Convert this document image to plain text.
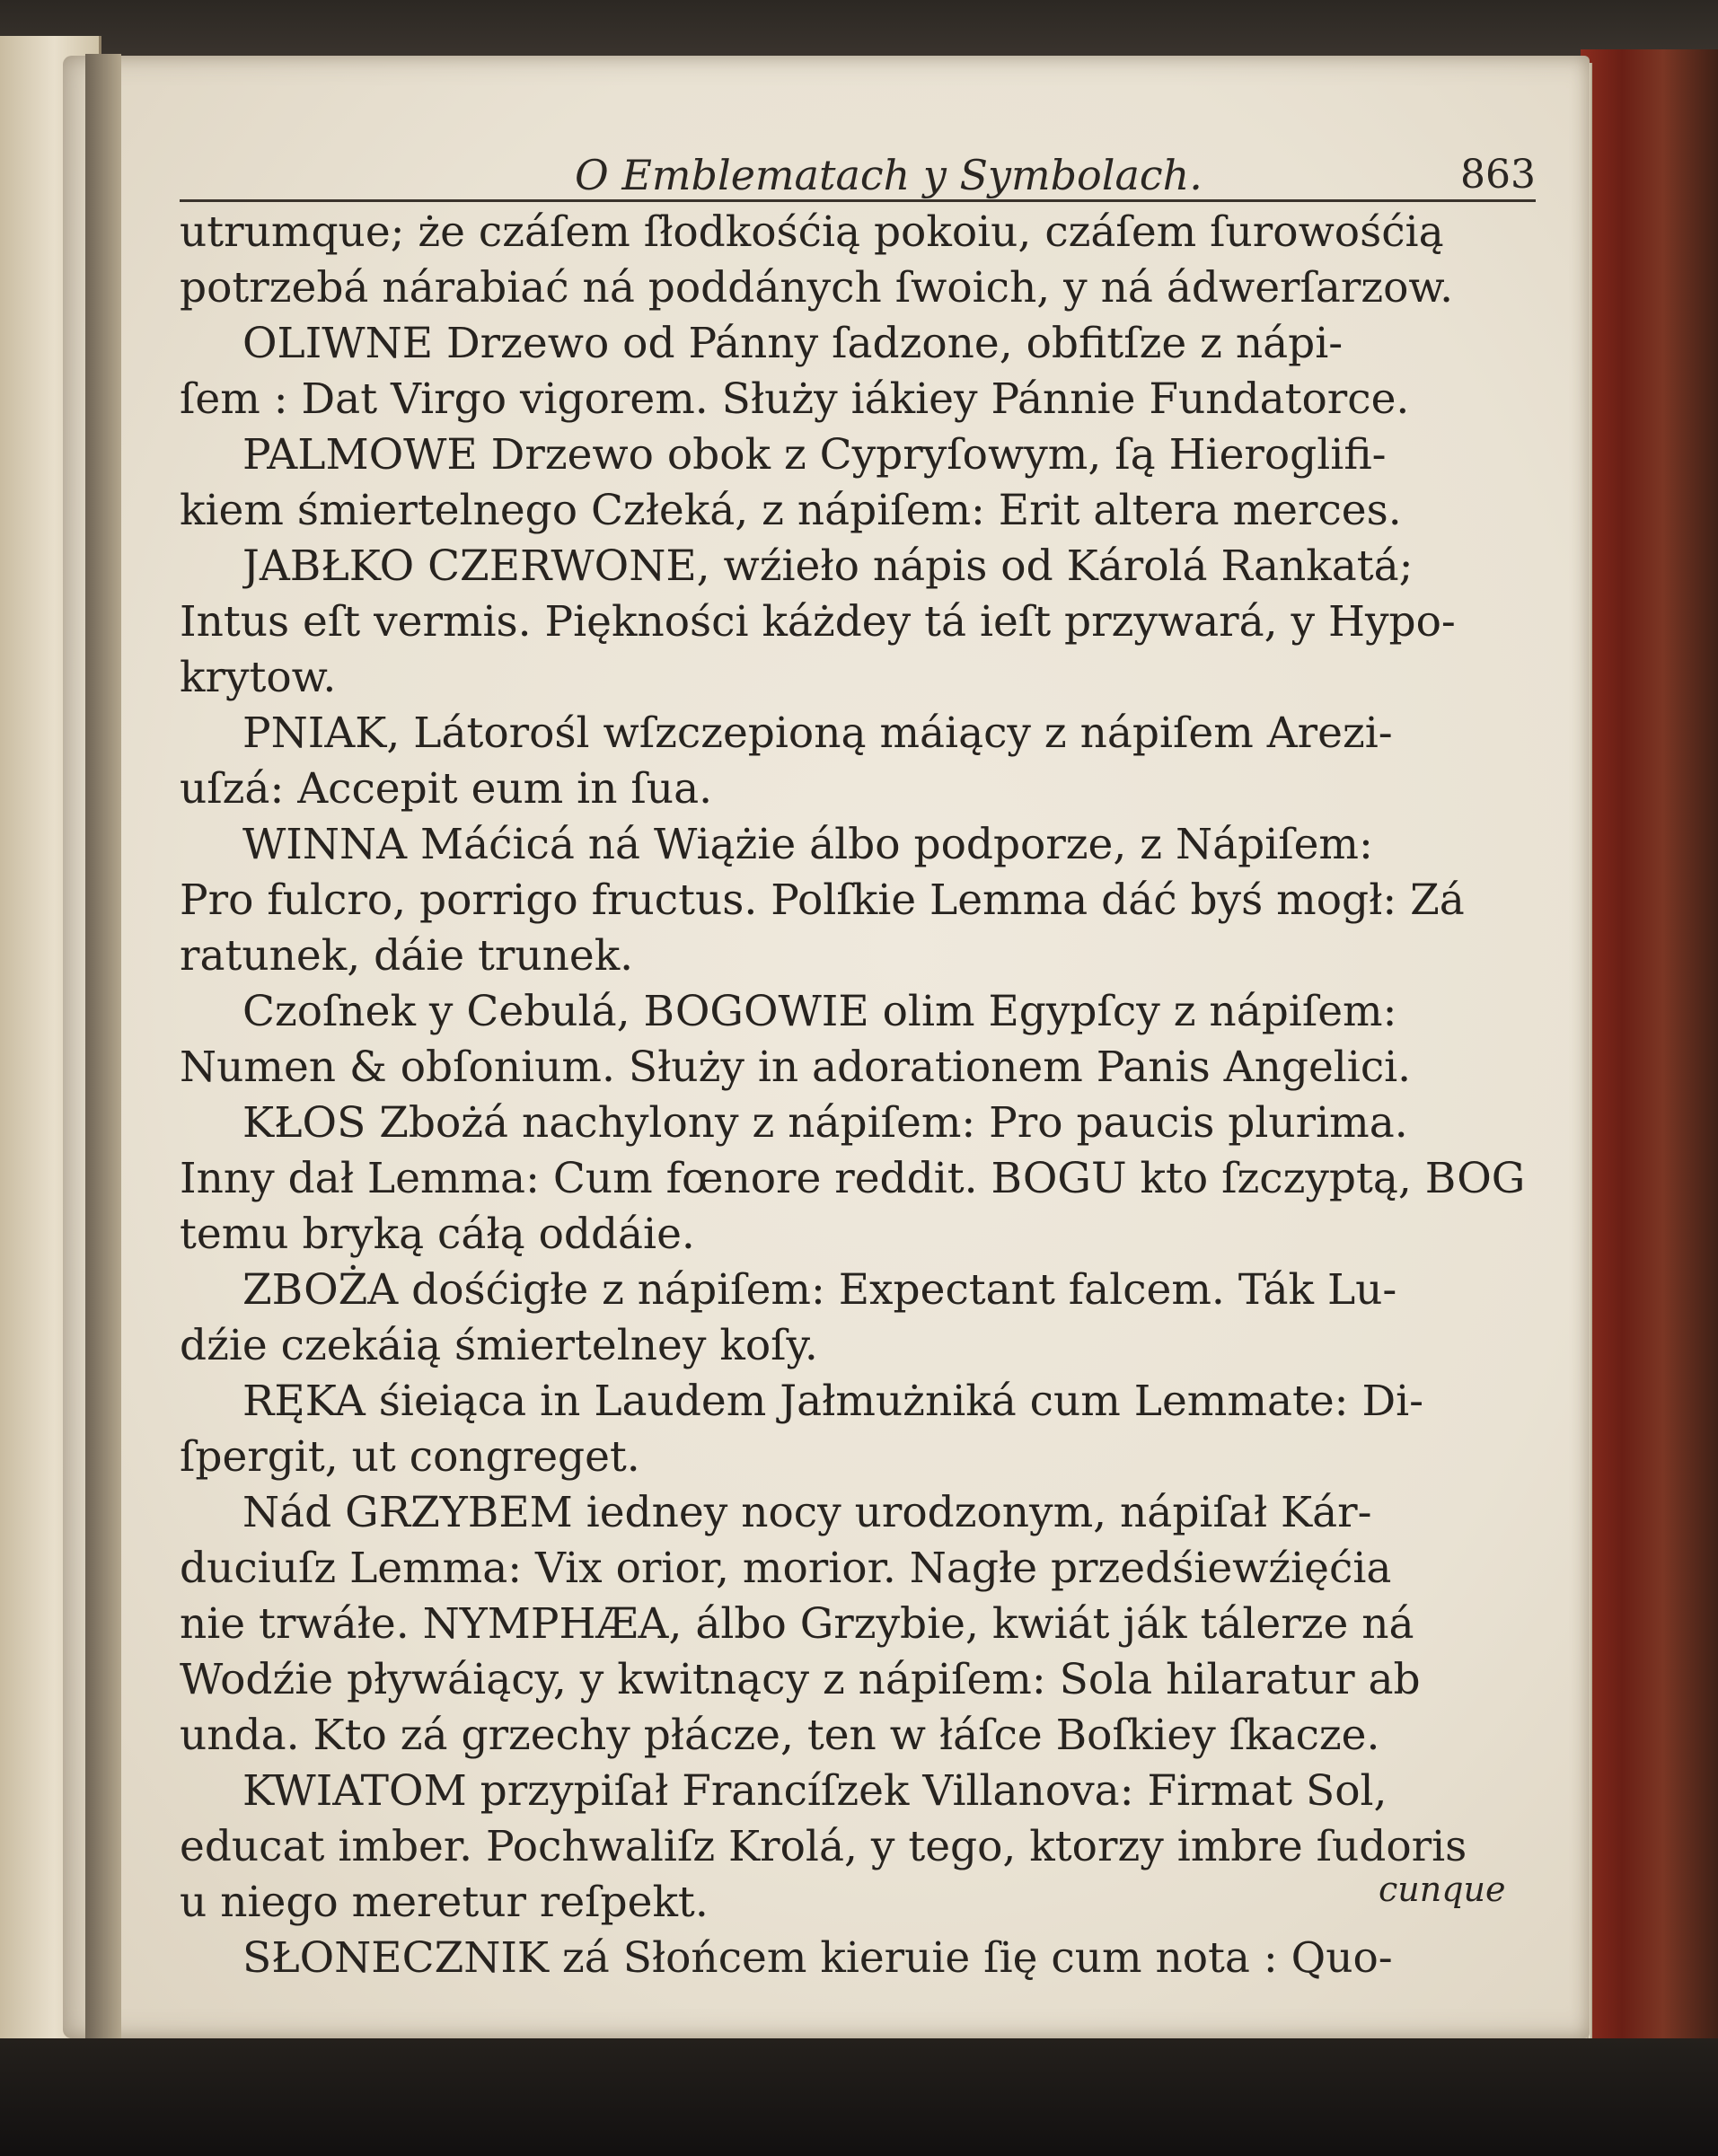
O Emblematach y Symbolach.	863
utrumque; że czáſem ſłodkośćią pokoiu, czáſem ſurowośćią
potrzebá nárabiać ná poddánych ſwoich, y ná ádwerſarzow.
OLIWNE Drzewo od Pánny ſadzone, obfitſze z nápi-
ſem : Dat Virgo vigorem. Służy iákiey Pánnie Fundatorce.
PALMOWE Drzewo obok z Cypryſowym, ſą Hieroglifi-
kiem śmiertelnego Człeká, z nápiſem: Erit altera merces.
JABŁKO CZERWONE, wźieło nápis od Károlá Rankatá;
Intus eſt vermis. Piękności káżdey tá ieſt przywará, y Hypo-
krytow.
PNIAK, Látorośl wſzczepioną máiący z nápiſem Arezi-
uſzá: Accepit eum in ſua.
WINNA Máćicá ná Wiążie álbo podporze, z Nápiſem:
Pro fulcro, porrigo fructus. Polſkie Lemma dáć byś mogł: Zá
ratunek, dáie trunek.
Czoſnek y Cebulá, BOGOWIE olim Egypſcy z nápiſem:
Numen & obſonium. Służy in adorationem Panis Angelici.
KŁOS Zbożá nachylony z nápiſem: Pro paucis plurima.
Inny dał Lemma: Cum fœnore reddit. BOGU kto ſzczyptą, BOG
temu bryką cáłą oddáie.
ZBOŻA dośćigłe z nápiſem: Expectant falcem. Ták Lu-
dźie czekáią śmiertelney koſy.
RĘKA śieiąca in Laudem Jałmużniká cum Lemmate: Di-
ſpergit, ut congreget.
Nád GRZYBEM iedney nocy urodzonym, nápiſał Kár-
duciuſz Lemma: Vix orior, morior. Nagłe przedśiewźięćia
nie trwáłe. NYMPHÆA, álbo Grzybie, kwiát ják tálerze ná
Wodźie pływáiący, y kwitnący z nápiſem: Sola hilaratur ab
unda. Kto zá grzechy płácze, ten w łáſce Boſkiey ſkacze.
KWIATOM przypiſał Francíſzek Villanova: Firmat Sol,
educat imber. Pochwaliſz Krolá, y tego, ktorzy imbre ſudoris
u niego meretur reſpekt.
SŁONECZNIK zá Słońcem kieruie ſię cum nota : Quo-
cunque
